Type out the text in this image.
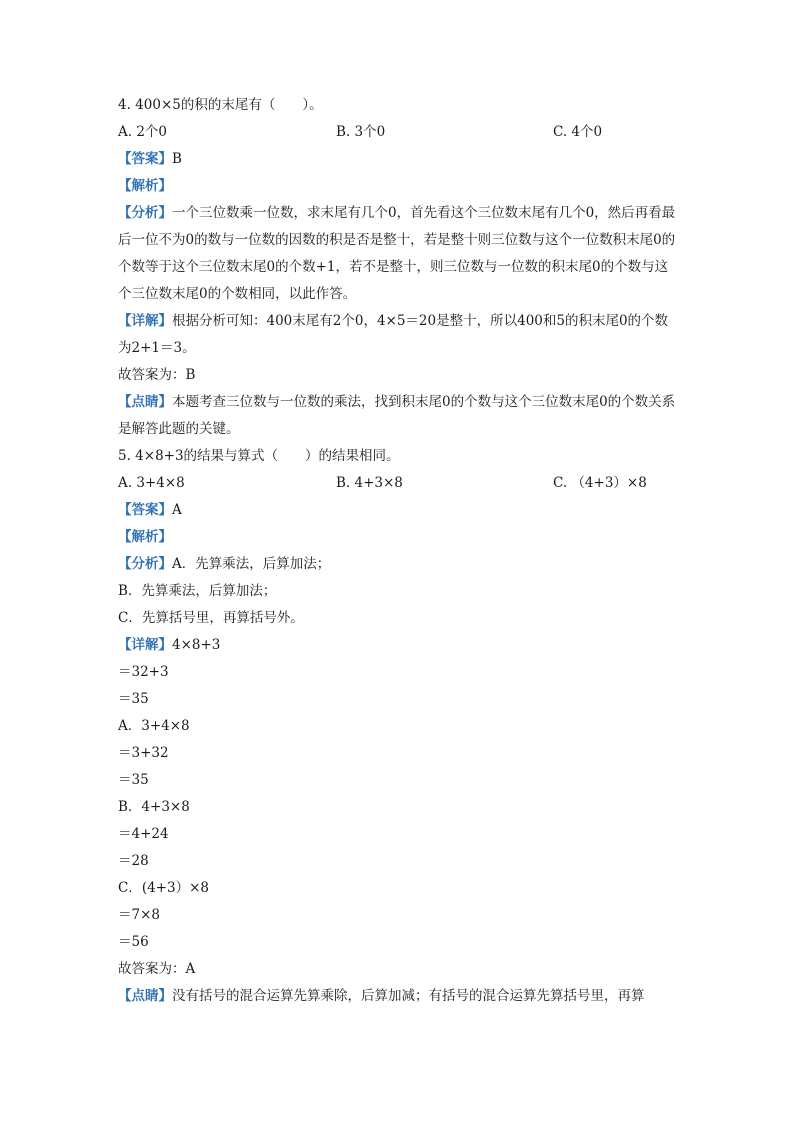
4. 400×5的积的末尾有（　　）。
A. 2个0	B. 3个0	C. 4个0
【答案】B
【解析】
【分析】一个三位数乘一位数，求末尾有几个0，首先看这个三位数末尾有几个0，然后再看最后一位不为0的数与一位数的因数的积是否是整十，若是整十则三位数与这个一位数积末尾0的个数等于这个三位数末尾0的个数+1，若不是整十，则三位数与一位数的积末尾0的个数与这个三位数末尾0的个数相同，以此作答。
【详解】根据分析可知：400末尾有2个0，4×5＝20是整十，所以400和5的积末尾0的个数为2+1＝3。
故答案为：B
【点睛】本题考查三位数与一位数的乘法，找到积末尾0的个数与这个三位数末尾0的个数关系是解答此题的关键。
5. 4×8+3的结果与算式（　　）的结果相同。
A. 3+4×8	B. 4+3×8	C. （4+3）×8
【答案】A
【解析】
【分析】A．先算乘法，后算加法；
B．先算乘法，后算加法；
C．先算括号里，再算括号外。
【详解】4×8+3
＝32+3
＝35
A．3+4×8
＝3+32
＝35
B．4+3×8
＝4+24
＝28
C．(4+3）×8
＝7×8
＝56
故答案为：A
【点睛】没有括号的混合运算先算乘除，后算加减；有括号的混合运算先算括号里，再算
